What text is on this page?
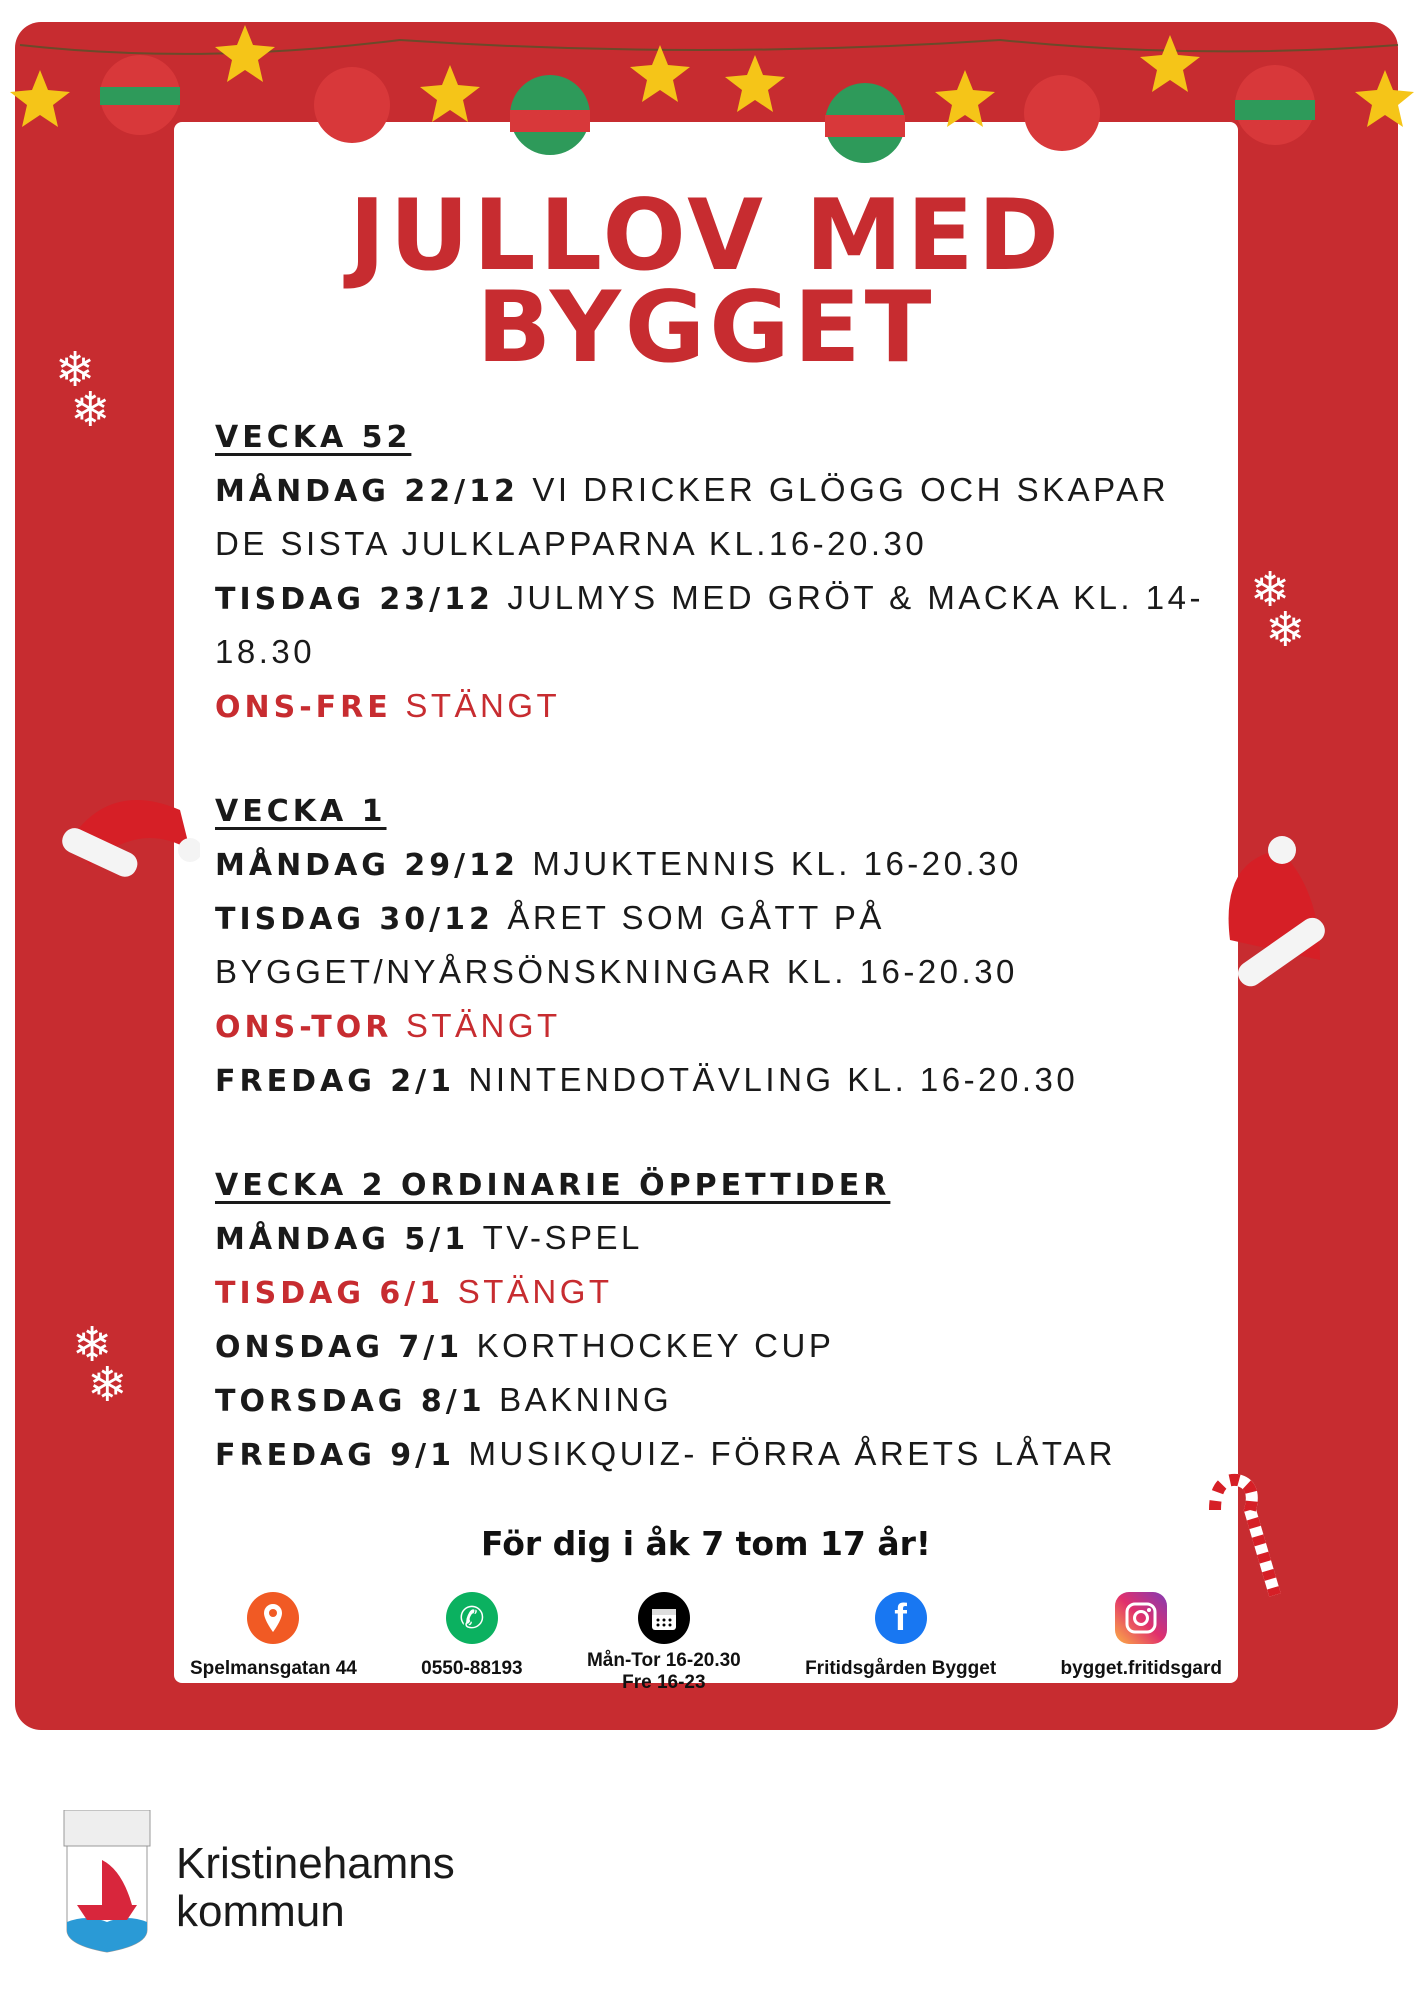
❄
❄
❄
❄
❄
❄
JULLOV MED
BYGGET
VECKA 52
MÅNDAG 22/12 VI DRICKER GLÖGG OCH SKAPAR DE SISTA JULKLAPPARNA KL.16-20.30
TISDAG 23/12 JULMYS MED GRÖT & MACKA KL. 14-18.30
ONS-FRE STÄNGT
VECKA 1
MÅNDAG 29/12 MJUKTENNIS KL. 16-20.30
TISDAG 30/12 ÅRET SOM GÅTT PÅ BYGGET/NYÅRSÖNSKNINGAR KL. 16-20.30
ONS-TOR STÄNGT
FREDAG 2/1 NINTENDOTÄVLING KL. 16-20.30
VECKA 2 ORDINARIE ÖPPETTIDER
MÅNDAG 5/1 TV-SPEL
TISDAG 6/1 STÄNGT
ONSDAG 7/1 KORTHOCKEY CUP
TORSDAG 8/1 BAKNING
FREDAG 9/1 MUSIKQUIZ- FÖRRA ÅRETS LÅTAR
För dig i åk 7 tom 17 år!
Spelmansgatan 44
✆
0550-88193	Mån-Tor 16-20.30
Fre 16-23
f
Fritidsgården Bygget	bygget.fritidsgard
Kristinehamns
kommun
